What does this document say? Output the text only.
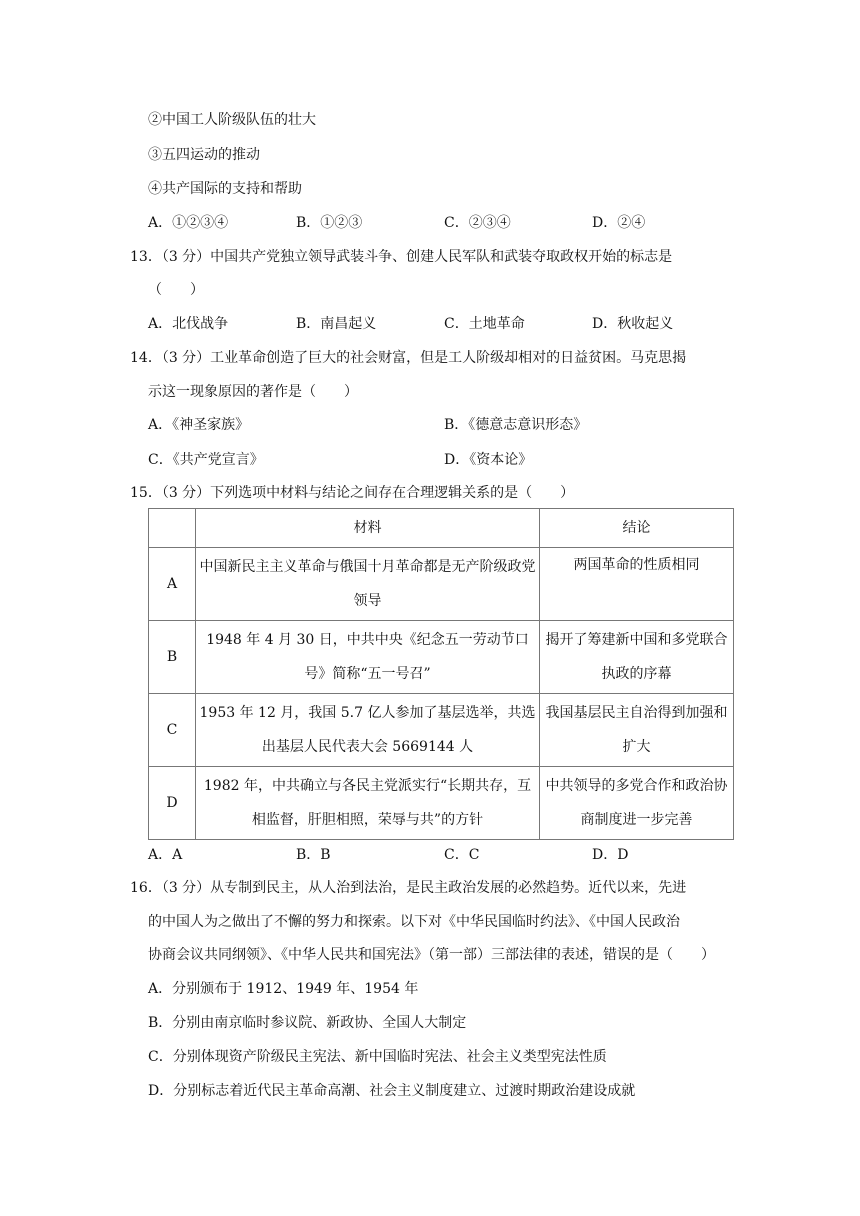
②中国工人阶级队伍的壮大
③五四运动的推动
④共产国际的支持和帮助
A．①②③④	B．①②③	C．②③④	D．②④
13．（3 分）中国共产党独立领导武装斗争、创建人民军队和武装夺取政权开始的标志是
（　　）
A．北伐战争	B．南昌起义	C．土地革命	D．秋收起义
14．（3 分）工业革命创造了巨大的社会财富，但是工人阶级却相对的日益贫困。马克思揭
示这一现象原因的著作是（　　）
A．《神圣家族》	B．《德意志意识形态》
C．《共产党宣言》	D．《资本论》
15．（3 分）下列选项中材料与结论之间存在合理逻辑关系的是（　　）
	材料	结论
A	中国新民主主义革命与俄国十月革命都是无产阶级政党领导	两国革命的性质相同

B	1948 年 4 月 30 日，中共中央《纪念五一劳动节口号》简称“五一号召”	揭开了筹建新中国和多党联合执政的序幕

C	1953 年 12 月，我国 5.7 亿人参加了基层选举，共选出基层人民代表大会 5669144 人	我国基层民主自治得到加强和扩大

D	1982 年，中共确立与各民主党派实行“长期共存，互相监督，肝胆相照，荣辱与共”的方针	中共领导的多党合作和政治协商制度进一步完善
A．A	B．B	C．C	D．D
16．（3 分）从专制到民主，从人治到法治，是民主政治发展的必然趋势。近代以来，先进
的中国人为之做出了不懈的努力和探索。以下对《中华民国临时约法》、《中国人民政治
协商会议共同纲领》、《中华人民共和国宪法》（第一部）三部法律的表述，错误的是（　　）
A．分别颁布于 1912、1949 年、1954 年
B．分别由南京临时参议院、新政协、全国人大制定
C．分别体现资产阶级民主宪法、新中国临时宪法、社会主义类型宪法性质
D．分别标志着近代民主革命高潮、社会主义制度建立、过渡时期政治建设成就
